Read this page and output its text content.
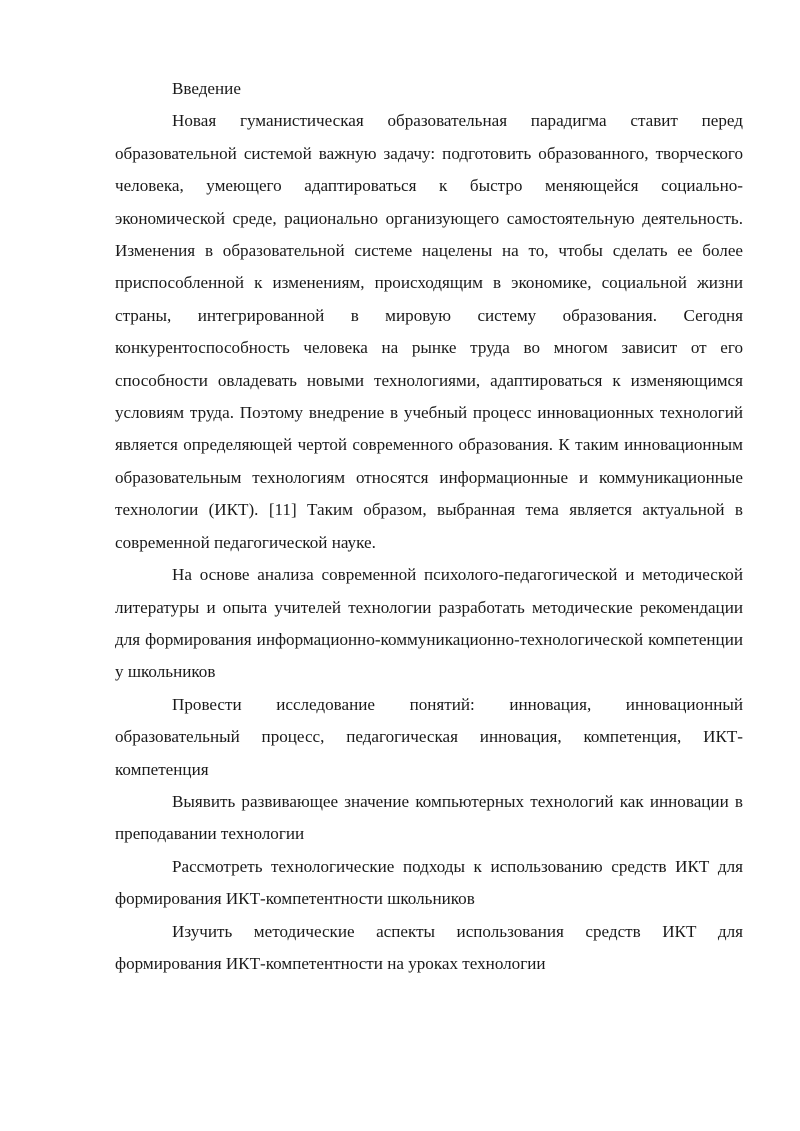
Введение

Новая гуманистическая образовательная парадигма ставит перед образовательной системой важную задачу: подготовить образованного, творческого человека, умеющего адаптироваться к быстро меняющейся социально-экономической среде, рационально организующего самостоятельную деятельность. Изменения в образовательной системе нацелены на то, чтобы сделать ее более приспособленной к изменениям, происходящим в экономике, социальной жизни страны, интегрированной в мировую систему образования. Сегодня конкурентоспособность человека на рынке труда во многом зависит от его способности овладевать новыми технологиями, адаптироваться к изменяющимся условиям труда. Поэтому внедрение в учебный процесс инновационных технологий является определяющей чертой современного образования. К таким инновационным образовательным технологиям относятся информационные и коммуникационные технологии (ИКТ). [11] Таким образом, выбранная тема является актуальной в современной педагогической науке.

На основе анализа современной психолого-педагогической и методической литературы и опыта учителей технологии разработать методические рекомендации для формирования информационно-коммуникационно-технологической компетенции у школьников

Провести исследование понятий: инновация, инновационный образовательный процесс, педагогическая инновация, компетенция, ИКТ-компетенция

Выявить развивающее значение компьютерных технологий как инновации в преподавании технологии

Рассмотреть технологические подходы к использованию средств ИКТ для формирования ИКТ-компетентности школьников

Изучить методические аспекты использования средств ИКТ для формирования ИКТ-компетентности на уроках технологии
